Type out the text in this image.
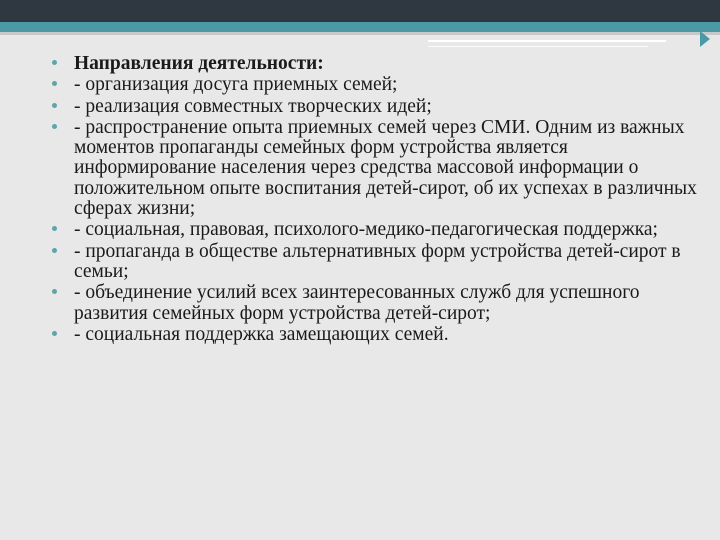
Направления деятельности:
- организация досуга приемных семей;
- реализация совместных творческих идей;
- распространение опыта приемных семей через СМИ. Одним из важных моментов пропаганды семейных форм устройства является информирование населения через средства массовой информации о положительном опыте воспитания детей-сирот, об их успехах в различных сферах жизни;
- социальная, правовая, психолого-медико-педагогическая поддержка;
- пропаганда в обществе альтернативных форм устройства детей-сирот в семьи;
- объединение усилий всех заинтересованных служб для успешного развития семейных форм устройства детей-сирот;
- социальная поддержка замещающих семей.
